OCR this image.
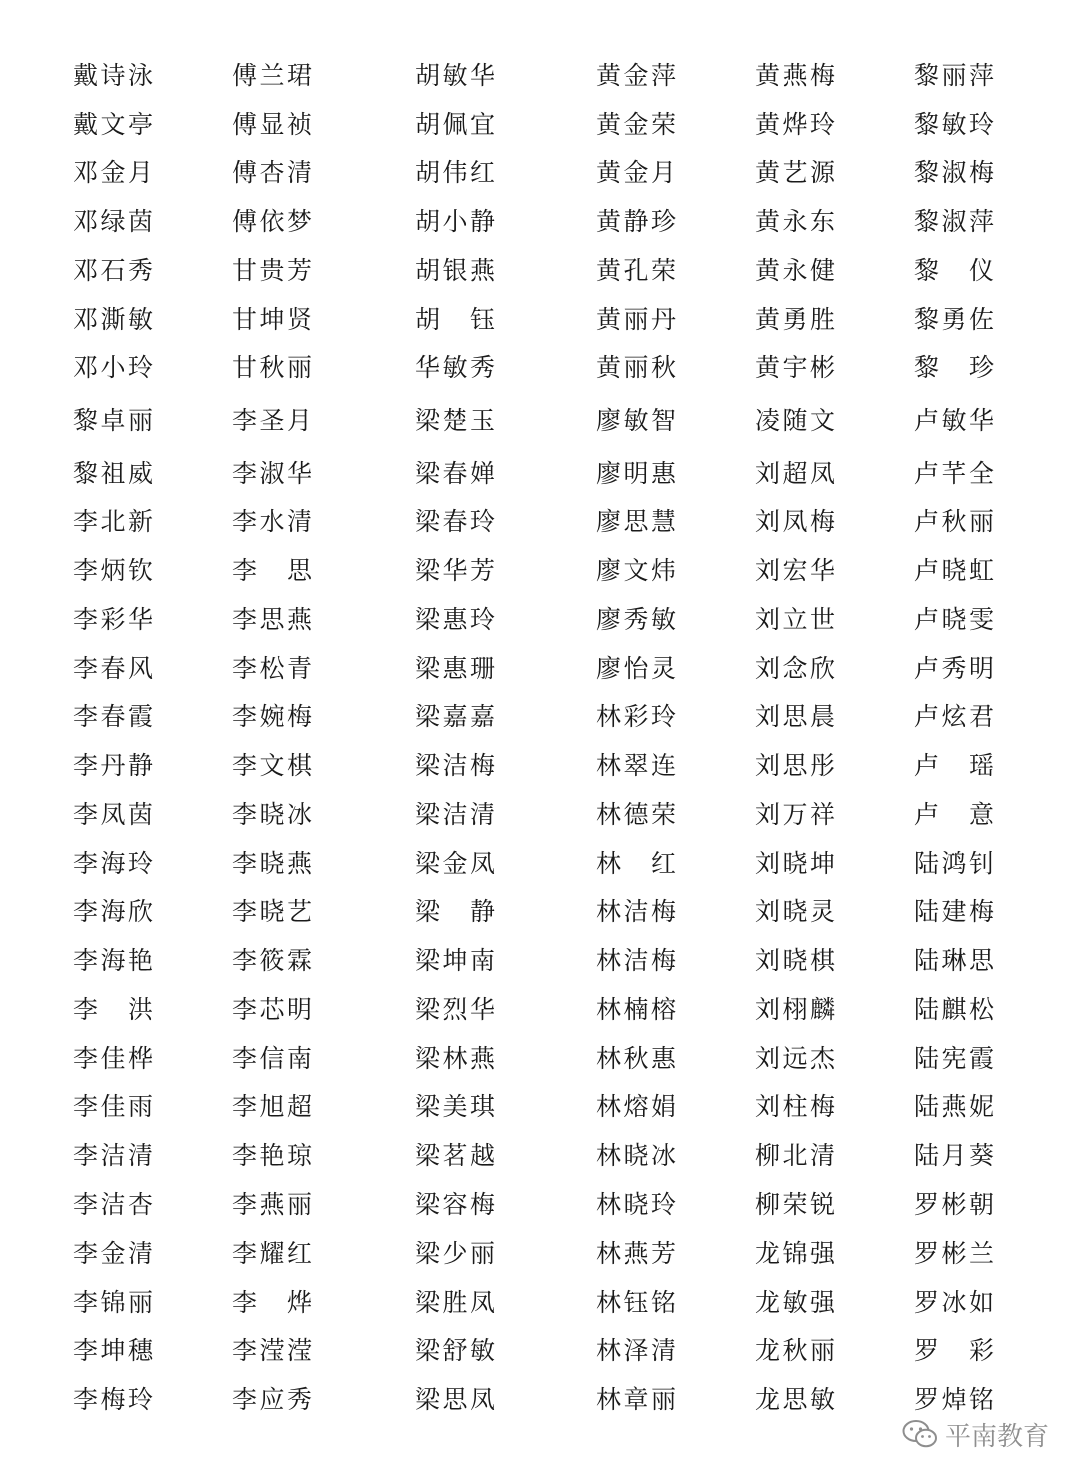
戴诗泳	傅兰珺	胡敏华	黄金萍	黄燕梅	黎丽萍
戴文亭	傅显祯	胡佩宜	黄金荣	黄烨玲	黎敏玲
邓金月	傅杏清	胡伟红	黄金月	黄艺源	黎淑梅
邓绿茵	傅依梦	胡小静	黄静珍	黄永东	黎淑萍
邓石秀	甘贵芳	胡银燕	黄孔荣	黄永健	黎　仪
邓澌敏	甘坤贤	胡　钰	黄丽丹	黄勇胜	黎勇佐
邓小玲	甘秋丽	华敏秀	黄丽秋	黄宇彬	黎　珍
黎卓丽	李圣月	梁楚玉	廖敏智	凌随文	卢敏华
黎祖威	李淑华	梁春婵	廖明惠	刘超凤	卢芊全
李北新	李水清	梁春玲	廖思慧	刘凤梅	卢秋丽
李炳钦	李　思	梁华芳	廖文炜	刘宏华	卢晓虹
李彩华	李思燕	梁惠玲	廖秀敏	刘立世	卢晓雯
李春风	李松青	梁惠珊	廖怡灵	刘念欣	卢秀明
李春霞	李婉梅	梁嘉嘉	林彩玲	刘思晨	卢炫君
李丹静	李文棋	梁洁梅	林翠连	刘思彤	卢　瑶
李凤茵	李晓冰	梁洁清	林德荣	刘万祥	卢　意
李海玲	李晓燕	梁金凤	林　红	刘晓坤	陆鸿钊
李海欣	李晓艺	梁　静	林洁梅	刘晓灵	陆建梅
李海艳	李筱霖	梁坤南	林洁梅	刘晓棋	陆琳思
李　洪	李芯明	梁烈华	林楠榕	刘栩麟	陆麒松
李佳桦	李信南	梁林燕	林秋惠	刘远杰	陆宪霞
李佳雨	李旭超	梁美琪	林熔娟	刘柱梅	陆燕妮
李洁清	李艳琼	梁茗越	林晓冰	柳北清	陆月葵
李洁杏	李燕丽	梁容梅	林晓玲	柳荣锐	罗彬朝
李金清	李耀红	梁少丽	林燕芳	龙锦强	罗彬兰
李锦丽	李　烨	梁胜凤	林钰铭	龙敏强	罗冰如
李坤穗	李滢滢	梁舒敏	林泽清	龙秋丽	罗　彩
李梅玲	李应秀	梁思凤	林章丽	龙思敏	罗焯铭
平南教育
